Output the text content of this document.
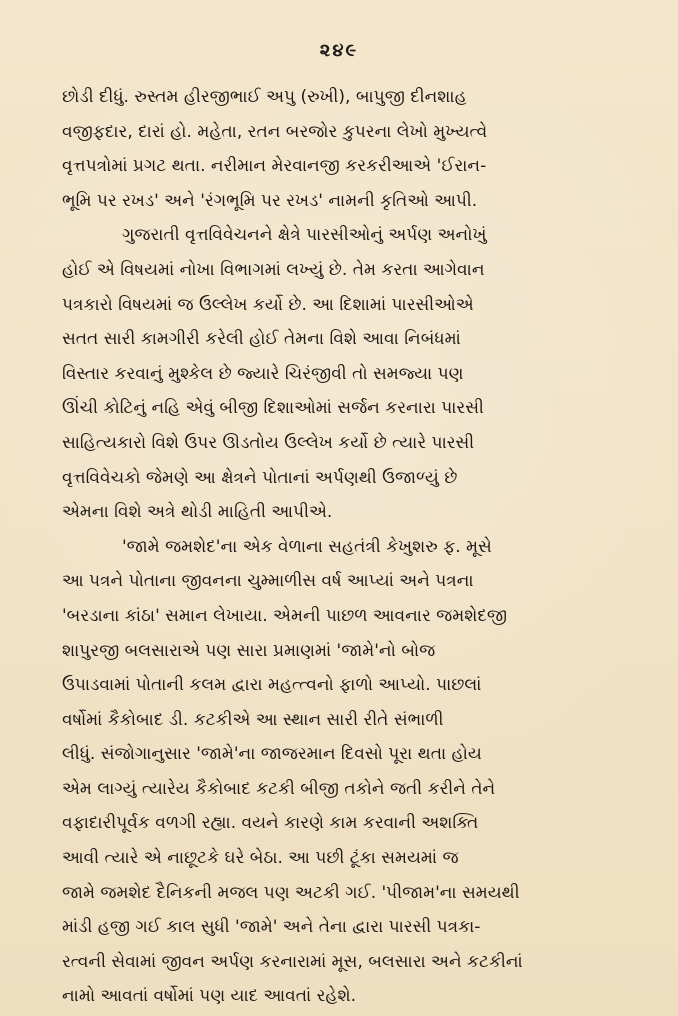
૨૪૯
છોડી દીધું. રુસ્તમ હીરજીભાઈ અપુ (રુખી), બાપુજી દીનશાહ
વજીફદાર, દારાં હો. મહેતા, રતન બરજોર કુપરના લેખો મુખ્યત્વે
વૃત્તપત્રોમાં પ્રગટ થતા. નરીમાન મેરવાનજી કરકરીઆએ 'ઈરાન-
ભૂમિ પર રખડ' અને 'રંગભૂમિ પર રખડ' નામની કૃતિઓ આપી.
ગુજરાતી વૃત્તવિવેચનને ક્ષેત્રે પારસીઓનું અર્પણ અનોખું
હોઈ એ વિષયમાં નોખા વિભાગમાં લખ્યું છે. તેમ કરતા આગેવાન
પત્રકારો વિષયમાં જ ઉલ્લેખ કર્યો છે. આ દિશામાં પારસીઓએ
સતત સારી કામગીરી કરેલી હોઈ તેમના વિશે આવા નિબંધમાં
વિસ્તાર કરવાનું મુશ્કેલ છે જ્યારે ચિરંજીવી તો સમજ્યા પણ
ઊંચી કોટિનું નહિ એવું બીજી દિશાઓમાં સર્જન કરનારા પારસી
સાહિત્યકારો વિશે ઉપર ઊડતોય ઉલ્લેખ કર્યો છે ત્યારે પારસી
વૃત્તવિવેચકો જેમણે આ ક્ષેત્રને પોતાનાં અર્પણથી ઉજાળ્યું છે
એમના વિશે અત્રે થોડી માહિતી આપીએ.
'જામે જમશેદ'ના એક વેળાના સહતંત્રી કેખુશરુ ફ. મૂસે
આ પત્રને પોતાના જીવનના ચુમ્માળીસ વર્ષ આપ્યાં અને પત્રના
'બરડાના કાંઠા' સમાન લેખાયા. એમની પાછળ આવનાર જમશેદજી
શાપુરજી બલસારાએ પણ સારા પ્રમાણમાં 'જામે'નો બોજ
ઉપાડવામાં પોતાની કલમ દ્વારા મહત્ત્વનો ફાળો આપ્યો. પાછલાં
વર્ષોમાં કૈકોબાદ ડી. કટકીએ આ સ્થાન સારી રીતે સંભાળી
લીધું. સંજોગાનુસાર 'જામે'ના જાજરમાન દિવસો પૂરા થતા હોય
એમ લાગ્યું ત્યારેય કૈકોબાદ કટકી બીજી તકોને જતી કરીને તેને
વફાદારીપૂર્વક વળગી રહ્યા. વયને કારણે કામ કરવાની અશક્તિ
આવી ત્યારે એ નાછૂટકે ઘરે બેઠા. આ પછી ટૂંકા સમયમાં જ
જામે જમશેદ દૈનિકની મજલ પણ અટકી ગઈ. 'પીજામ'ના સમયથી
માંડી હજી ગઈ કાલ સુધી 'જામે' અને તેના દ્વારા પારસી પત્રકા-
રત્વની સેવામાં જીવન અર્પણ કરનારામાં મૂસ, બલસારા અને કટકીનાં
નામો આવતાં વર્ષોમાં પણ યાદ આવતાં રહેશે.
